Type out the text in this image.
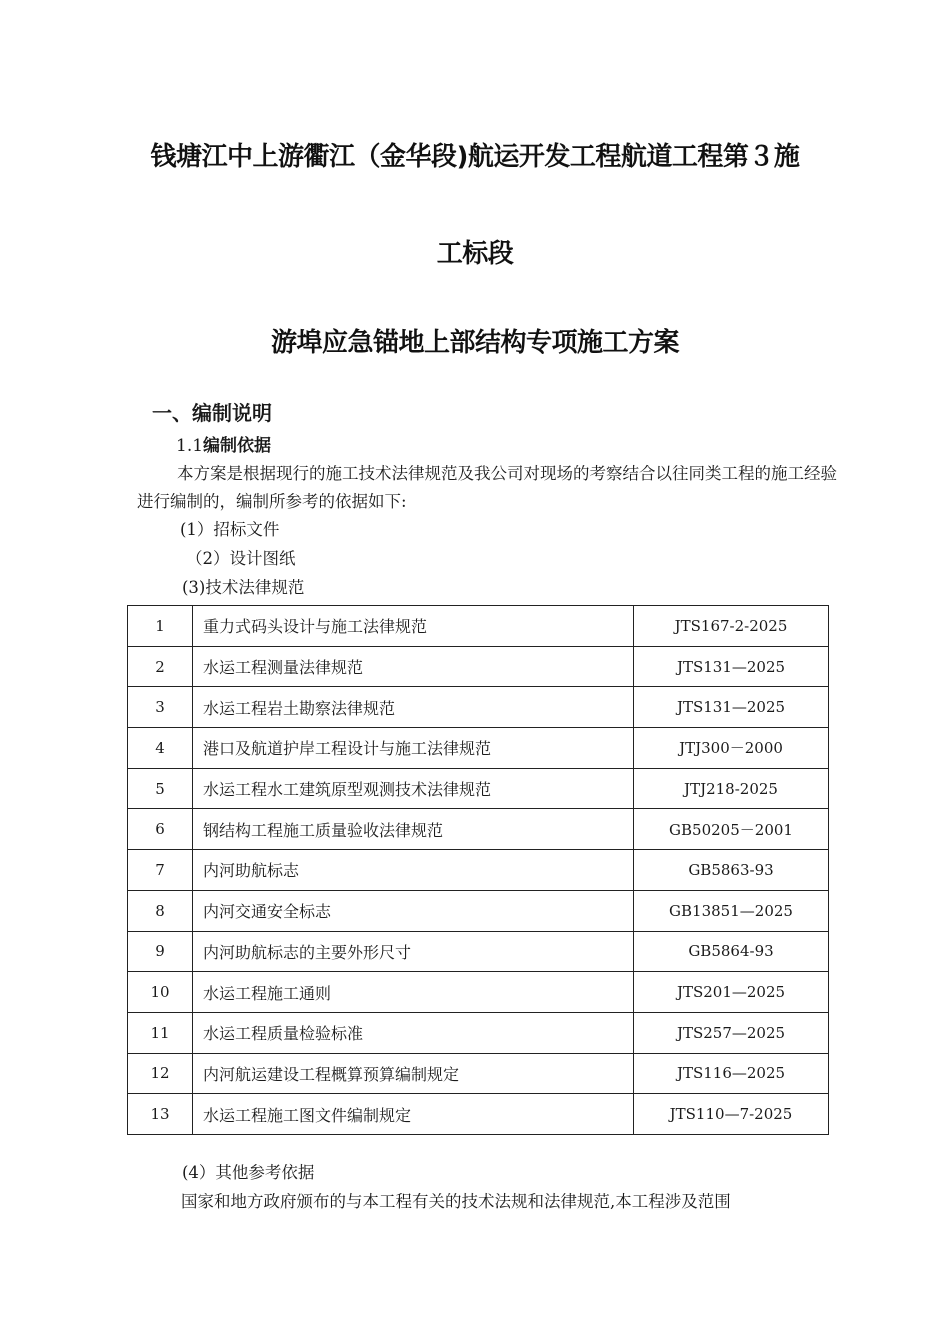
钱塘江中上游衢江（金华段)航运开发工程航道工程第３施
工标段
游埠应急锚地上部结构专项施工方案
一、编制说明
1.1编制依据

本方案是根据现行的施工技术法律规范及我公司对现场的考察结合以往同类工程的施工经验进行编制的，编制所参考的依据如下:

(1）招标文件

（2）设计图纸

(3)技术法律规范

1	重力式码头设计与施工法律规范	JTS167-2-2025
2	水运工程测量法律规范	JTS131—2025
3	水运工程岩土勘察法律规范	JTS131—2025
4	港口及航道护岸工程设计与施工法律规范	JTJ300－2000
5	水运工程水工建筑原型观测技术法律规范	JTJ218-2025
6	钢结构工程施工质量验收法律规范	GB50205－2001
7	内河助航标志	GB5863-93
8	内河交通安全标志	GB13851—2025
9	内河助航标志的主要外形尺寸	GB5864-93
10	水运工程施工通则	JTS201—2025
11	水运工程质量检验标准	JTS257—2025
12	内河航运建设工程概算预算编制规定	JTS116—2025
13	水运工程施工图文件编制规定	JTS110—7-2025

(4）其他参考依据

国家和地方政府颁布的与本工程有关的技术法规和法律规范,本工程涉及范围
